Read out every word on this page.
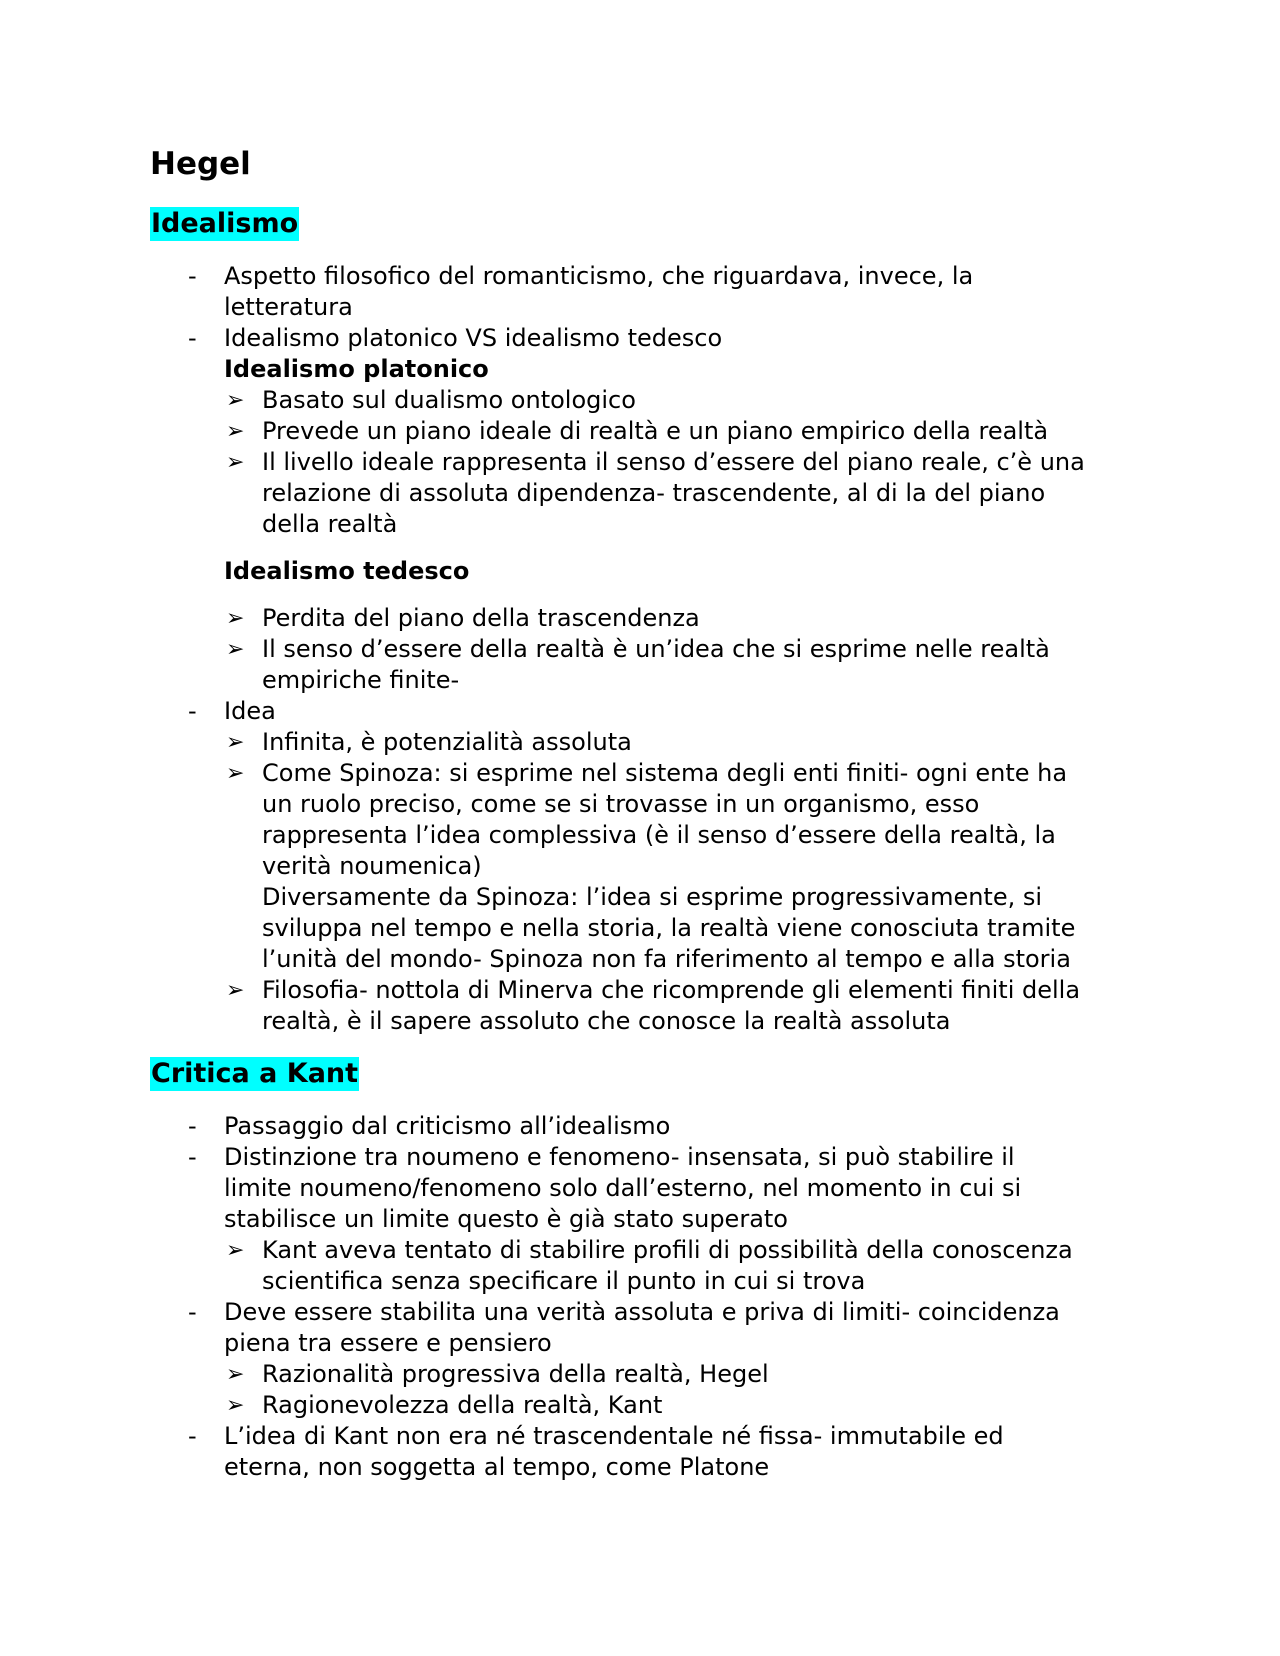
Hegel
Idealismo
- Aspetto filosofico del romanticismo, che riguardava, invece, la
letteratura
- Idealismo platonico VS idealismo tedesco
Idealismo platonico
➢ Basato sul dualismo ontologico
➢ Prevede un piano ideale di realtà e un piano empirico della realtà
➢ Il livello ideale rappresenta il senso d’essere del piano reale, c’è una
relazione di assoluta dipendenza- trascendente, al di la del piano
della realtà
Idealismo tedesco
➢ Perdita del piano della trascendenza
➢ Il senso d’essere della realtà è un’idea che si esprime nelle realtà
empiriche finite-
- Idea
➢ Infinita, è potenzialità assoluta
➢ Come Spinoza: si esprime nel sistema degli enti finiti- ogni ente ha
un ruolo preciso, come se si trovasse in un organismo, esso
rappresenta l’idea complessiva (è il senso d’essere della realtà, la
verità noumenica)
Diversamente da Spinoza: l’idea si esprime progressivamente, si
sviluppa nel tempo e nella storia, la realtà viene conosciuta tramite
l’unità del mondo- Spinoza non fa riferimento al tempo e alla storia
➢ Filosofia- nottola di Minerva che ricomprende gli elementi finiti della
realtà, è il sapere assoluto che conosce la realtà assoluta
Critica a Kant
- Passaggio dal criticismo all’idealismo
- Distinzione tra noumeno e fenomeno- insensata, si può stabilire il
limite noumeno/fenomeno solo dall’esterno, nel momento in cui si
stabilisce un limite questo è già stato superato
➢ Kant aveva tentato di stabilire profili di possibilità della conoscenza
scientifica senza specificare il punto in cui si trova
- Deve essere stabilita una verità assoluta e priva di limiti- coincidenza
piena tra essere e pensiero
➢ Razionalità progressiva della realtà, Hegel
➢ Ragionevolezza della realtà, Kant
- L’idea di Kant non era né trascendentale né fissa- immutabile ed
eterna, non soggetta al tempo, come Platone
